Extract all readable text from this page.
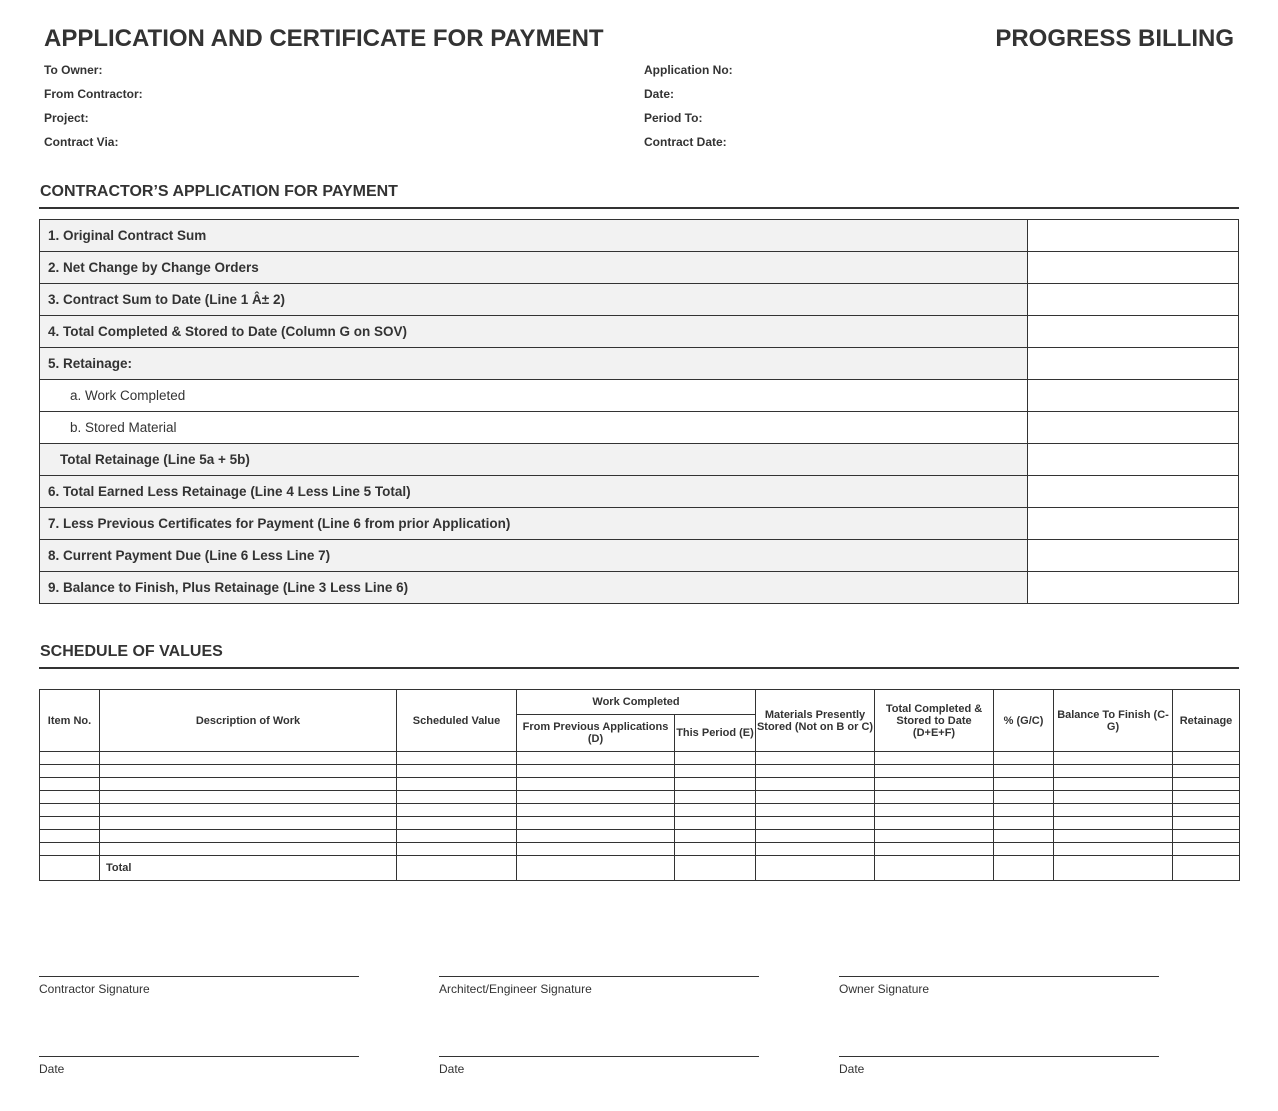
APPLICATION AND CERTIFICATE FOR PAYMENT	PROGRESS BILLING
To Owner:
From Contractor:
Project:
Contract Via:
Application No:
Date:
Period To:
Contract Date:
CONTRACTOR’S APPLICATION FOR PAYMENT
1. Original Contract Sum	
2. Net Change by Change Orders	
3. Contract Sum to Date (Line 1 Â± 2)	
4. Total Completed & Stored to Date (Column G on SOV)	
5. Retainage:	
a. Work Completed	
b. Stored Material	
Total Retainage (Line 5a + 5b)	
6. Total Earned Less Retainage (Line 4 Less Line 5 Total)	
7. Less Previous Certificates for Payment (Line 6 from prior Application)	
8. Current Payment Due (Line 6 Less Line 7)	
9. Balance to Finish, Plus Retainage (Line 3 Less Line 6)	
SCHEDULE OF VALUES
Item No.	Description of Work	Scheduled Value	Work Completed		Materials Presently Stored (Not on B or C)	Total Completed & Stored to Date (D+E+F)	% (G/C)	Balance To Finish (C-G)	Retainage
			From Previous Applications (D)	This Period (E)					

	Total								
Contractor Signature	Architect/Engineer Signature	Owner Signature
Date	Date	Date
